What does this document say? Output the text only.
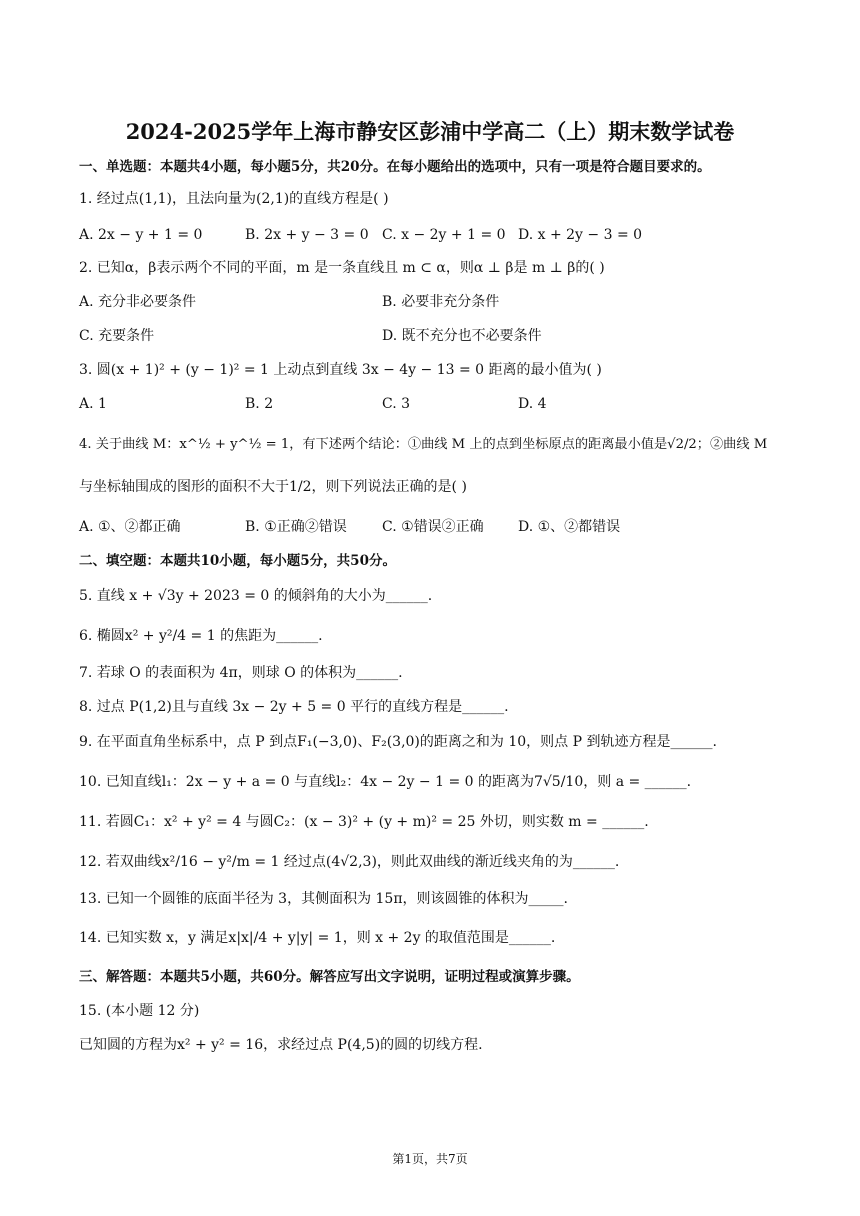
2024-2025学年上海市静安区彭浦中学高二（上）期末数学试卷
一、单选题：本题共4小题，每小题5分，共20分。在每小题给出的选项中，只有一项是符合题目要求的。
1. 经过点(1,1)，且法向量为(2,1)的直线方程是( )
A. 2x − y + 1 = 0	B. 2x + y − 3 = 0 C. x − 2y + 1 = 0 D. x + 2y − 3 = 0
2. 已知α，β表示两个不同的平面，m 是一条直线且 m ⊂ α，则α ⊥ β是 m ⊥ β的( )
A. 充分非必要条件	B. 必要非充分条件
C. 充要条件	D. 既不充分也不必要条件
3. 圆(x + 1)² + (y − 1)² = 1 上动点到直线 3x − 4y − 13 = 0 距离的最小值为( )
A. 1	B. 2	C. 3	D. 4
4. 关于曲线 M：x^½ + y^½ = 1，有下述两个结论：①曲线 M 上的点到坐标原点的距离最小值是√2/2；②曲线 M
与坐标轴围成的图形的面积不大于1/2，则下列说法正确的是( )
A. ①、②都正确	B. ①正确②错误	C. ①错误②正确 D. ①、②都错误
二、填空题：本题共10小题，每小题5分，共50分。
5. 直线 x + √3y + 2023 = 0 的倾斜角的大小为______.
6. 椭圆x² + y²/4 = 1 的焦距为______.
7. 若球 O 的表面积为 4π，则球 O 的体积为______.
8. 过点 P(1,2)且与直线 3x − 2y + 5 = 0 平行的直线方程是______.
9. 在平面直角坐标系中，点 P 到点F₁(−3,0)、F₂(3,0)的距离之和为 10，则点 P 到轨迹方程是______.
10. 已知直线l₁：2x − y + a = 0 与直线l₂：4x − 2y − 1 = 0 的距离为7√5/10，则 a = ______.
11. 若圆C₁：x² + y² = 4 与圆C₂：(x − 3)² + (y + m)² = 25 外切，则实数 m = ______.
12. 若双曲线x²/16 − y²/m = 1 经过点(4√2,3)，则此双曲线的渐近线夹角的为______.
13. 已知一个圆锥的底面半径为 3，其侧面积为 15π，则该圆锥的体积为_____.
14. 已知实数 x，y 满足x|x|/4 + y|y| = 1，则 x + 2y 的取值范围是______.
三、解答题：本题共5小题，共60分。解答应写出文字说明，证明过程或演算步骤。
15. (本小题 12 分)
已知圆的方程为x² + y² = 16，求经过点 P(4,5)的圆的切线方程.
第1页，共7页
